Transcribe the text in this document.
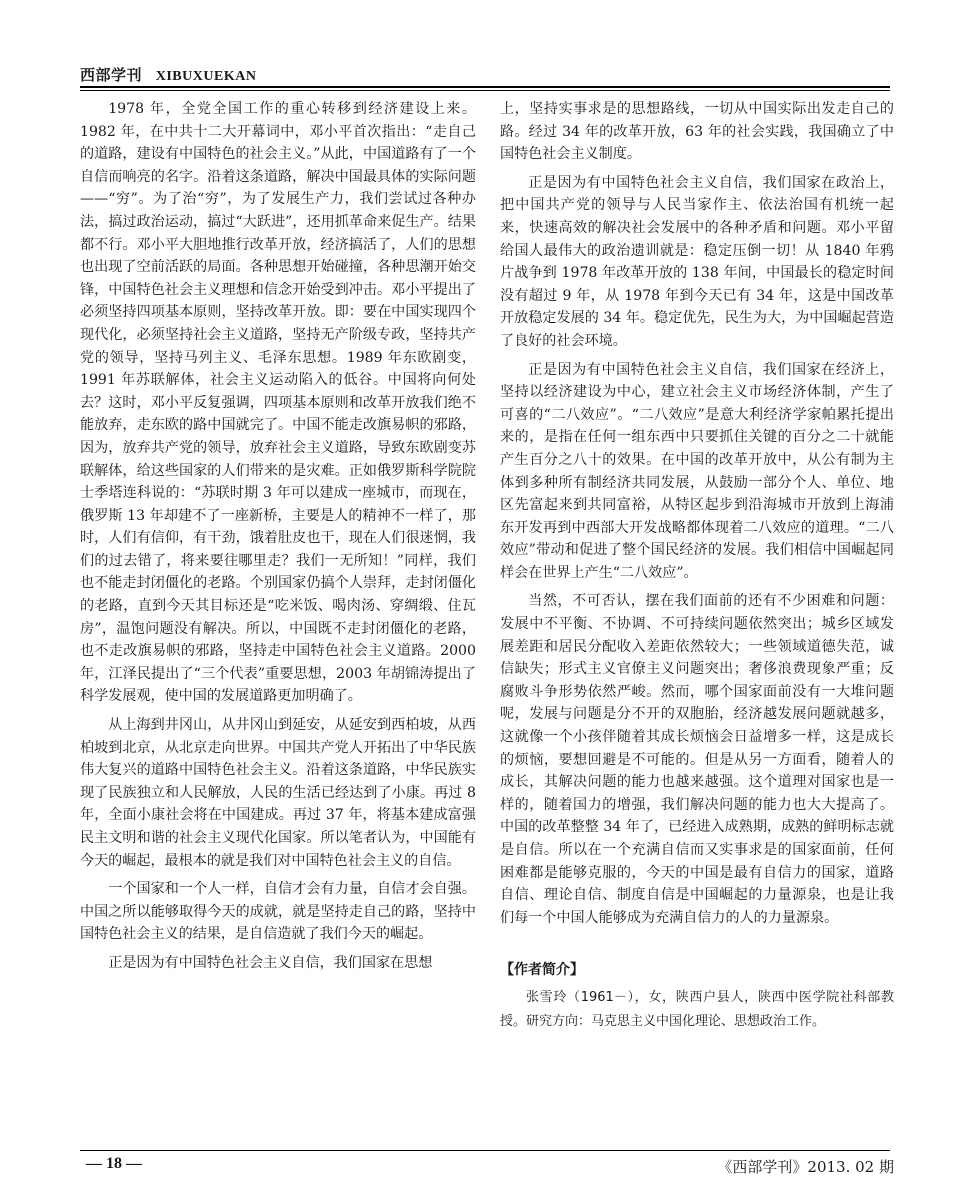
西部学刊 XIBUXUEKAN

1978 年，全党全国工作的重心转移到经济建设上来。1982 年，在中共十二大开幕词中，邓小平首次指出：“走自己的道路，建设有中国特色的社会主义。”从此，中国道路有了一个自信而响亮的名字。沿着这条道路，解决中国最具体的实际问题——“穷”。为了治“穷”，为了发展生产力，我们尝试过各种办法，搞过政治运动，搞过“大跃进”，还用抓革命来促生产。结果都不行。邓小平大胆地推行改革开放，经济搞活了，人们的思想也出现了空前活跃的局面。各种思想开始碰撞，各种思潮开始交锋，中国特色社会主义理想和信念开始受到冲击。邓小平提出了必须坚持四项基本原则，坚持改革开放。即：要在中国实现四个现代化，必须坚持社会主义道路，坚持无产阶级专政，坚持共产党的领导，坚持马列主义、毛泽东思想。1989 年东欧剧变，1991 年苏联解体，社会主义运动陷入的低谷。中国将向何处去？这时，邓小平反复强调，四项基本原则和改革开放我们绝不能放弃，走东欧的路中国就完了。中国不能走改旗易帜的邪路，因为，放弃共产党的领导，放弃社会主义道路，导致东欧剧变苏联解体，给这些国家的人们带来的是灾难。正如俄罗斯科学院院士季塔连科说的：“苏联时期 3 年可以建成一座城市，而现在，俄罗斯 13 年却建不了一座新桥，主要是人的精神不一样了，那时，人们有信仰，有干劲，饿着肚皮也干，现在人们很迷惘，我们的过去错了，将来要往哪里走？我们一无所知！”同样，我们也不能走封闭僵化的老路。个别国家仍搞个人崇拜，走封闭僵化的老路，直到今天其目标还是“吃米饭、喝肉汤、穿绸缎、住瓦房”，温饱问题没有解决。所以，中国既不走封闭僵化的老路，也不走改旗易帜的邪路，坚持走中国特色社会主义道路。2000 年，江泽民提出了“三个代表”重要思想，2003 年胡锦涛提出了科学发展观，使中国的发展道路更加明确了。

从上海到井冈山，从井冈山到延安，从延安到西柏坡，从西柏坡到北京，从北京走向世界。中国共产党人开拓出了中华民族伟大复兴的道路中国特色社会主义。沿着这条道路，中华民族实现了民族独立和人民解放，人民的生活已经达到了小康。再过 8 年，全面小康社会将在中国建成。再过 37 年，将基本建成富强民主文明和谐的社会主义现代化国家。所以笔者认为，中国能有今天的崛起，最根本的就是我们对中国特色社会主义的自信。

一个国家和一个人一样，自信才会有力量，自信才会自强。中国之所以能够取得今天的成就，就是坚持走自己的路，坚持中国特色社会主义的结果，是自信造就了我们今天的崛起。

正是因为有中国特色社会主义自信，我们国家在思想

上，坚持实事求是的思想路线，一切从中国实际出发走自己的路。经过 34 年的改革开放，63 年的社会实践，我国确立了中国特色社会主义制度。

正是因为有中国特色社会主义自信，我们国家在政治上，把中国共产党的领导与人民当家作主、依法治国有机统一起来，快速高效的解决社会发展中的各种矛盾和问题。邓小平留给国人最伟大的政治遗训就是：稳定压倒一切！从 1840 年鸦片战争到 1978 年改革开放的 138 年间，中国最长的稳定时间没有超过 9 年，从 1978 年到今天已有 34 年，这是中国改革开放稳定发展的 34 年。稳定优先，民生为大，为中国崛起营造了良好的社会环境。

正是因为有中国特色社会主义自信，我们国家在经济上，坚持以经济建设为中心，建立社会主义市场经济体制，产生了可喜的“二八效应”。“二八效应”是意大利经济学家帕累托提出来的，是指在任何一组东西中只要抓住关键的百分之二十就能产生百分之八十的效果。在中国的改革开放中，从公有制为主体到多种所有制经济共同发展，从鼓励一部分个人、单位、地区先富起来到共同富裕，从特区起步到沿海城市开放到上海浦东开发再到中西部大开发战略都体现着二八效应的道理。“二八效应”带动和促进了整个国民经济的发展。我们相信中国崛起同样会在世界上产生“二八效应”。

当然，不可否认，摆在我们面前的还有不少困难和问题：发展中不平衡、不协调、不可持续问题依然突出；城乡区域发展差距和居民分配收入差距依然较大；一些领域道德失范，诚信缺失；形式主义官僚主义问题突出；奢侈浪费现象严重；反腐败斗争形势依然严峻。然而，哪个国家面前没有一大堆问题呢，发展与问题是分不开的双胞胎，经济越发展问题就越多，这就像一个小孩伴随着其成长烦恼会日益增多一样，这是成长的烦恼，要想回避是不可能的。但是从另一方面看，随着人的成长，其解决问题的能力也越来越强。这个道理对国家也是一样的，随着国力的增强，我们解决问题的能力也大大提高了。中国的改革整整 34 年了，已经进入成熟期，成熟的鲜明标志就是自信。所以在一个充满自信而又实事求是的国家面前，任何困难都是能够克服的，今天的中国是最有自信力的国家，道路自信、理论自信、制度自信是中国崛起的力量源泉，也是让我们每一个中国人能够成为充满自信力的人的力量源泉。

【作者简介】

张雪玲（1961－），女，陕西户县人，陕西中医学院社科部教授。研究方向：马克思主义中国化理论、思想政治工作。

— 18 —	《西部学刊》2013. 02 期
